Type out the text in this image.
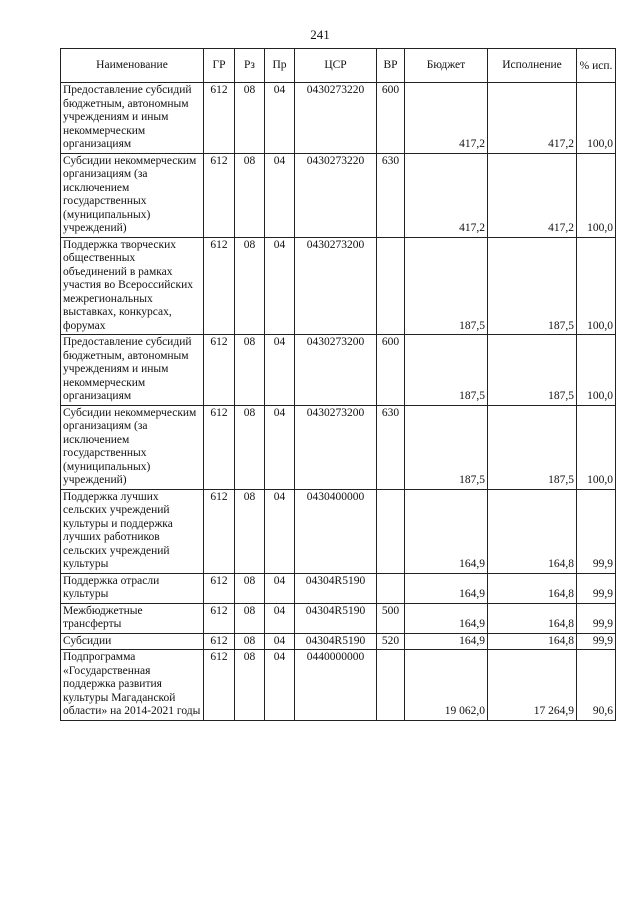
241
Наименование	ГР	Рз	Пр	ЦСР	ВР	Бюджет	Исполнение	% исп.
Предоставление субсидий бюджетным, автономным учреждениям и иным некоммерческим организациям	612	08	04	0430273220	600	417,2	417,2	100,0
Субсидии некоммерческим организациям (за исключением государственных (муниципальных) учреждений)	612	08	04	0430273220	630	417,2	417,2	100,0
Поддержка творческих общественных объединений в рамках участия во Всероссийских межрегиональных выставках, конкурсах, форумах	612	08	04	0430273200		187,5	187,5	100,0
Предоставление субсидий бюджетным, автономным учреждениям и иным некоммерческим организациям	612	08	04	0430273200	600	187,5	187,5	100,0
Субсидии некоммерческим организациям (за исключением государственных (муниципальных) учреждений)	612	08	04	0430273200	630	187,5	187,5	100,0
Поддержка лучших сельских учреждений культуры и поддержка лучших работников сельских учреждений культуры	612	08	04	0430400000		164,9	164,8	99,9
Поддержка отрасли культуры	612	08	04	04304R5190		164,9	164,8	99,9
Межбюджетные трансферты	612	08	04	04304R5190	500	164,9	164,8	99,9
Субсидии	612	08	04	04304R5190	520	164,9	164,8	99,9
Подпрограмма «Государственная поддержка развития культуры Магаданской области» на 2014-2021 годы	612	08	04	0440000000		19 062,0	17 264,9	90,6
